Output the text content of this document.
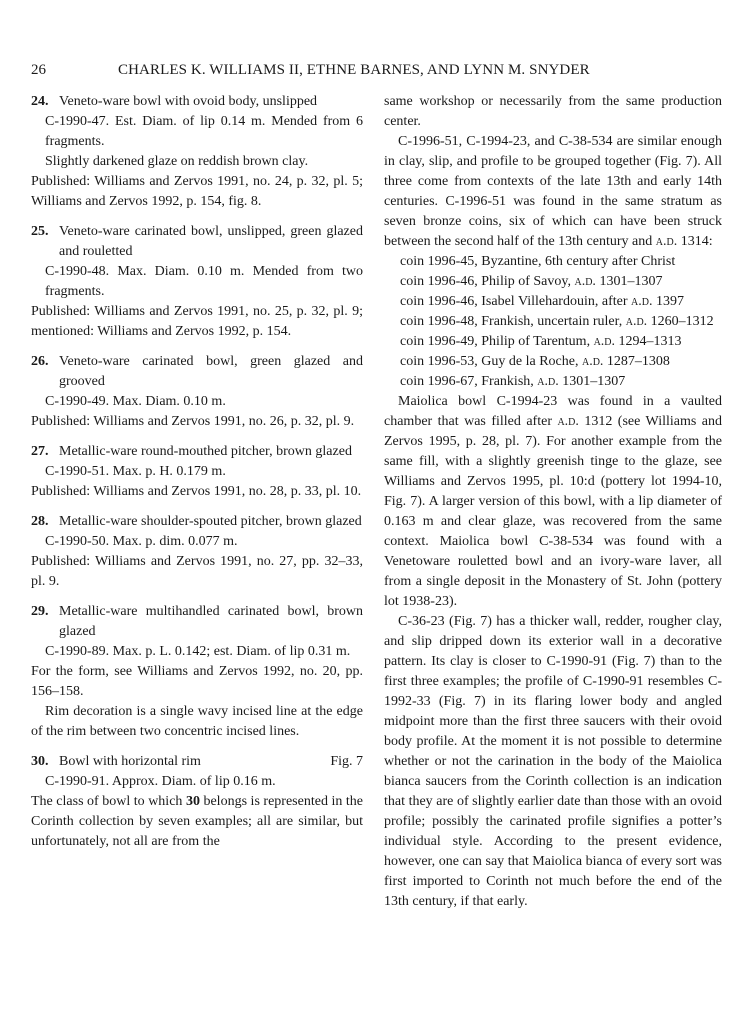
26	CHARLES K. WILLIAMS II, ETHNE BARNES, AND LYNN M. SNYDER

24. Veneto-ware bowl with ovoid body, unslipped

C-1990-47. Est. Diam. of lip 0.14 m. Mended from 6 fragments.

Slightly darkened glaze on reddish brown clay.

Published: Williams and Zervos 1991, no. 24, p. 32, pl. 5; Williams and Zervos 1992, p. 154, fig. 8.

25. Veneto-ware carinated bowl, unslipped, green glazed and rouletted

C-1990-48. Max. Diam. 0.10 m. Mended from two fragments.

Published: Williams and Zervos 1991, no. 25, p. 32, pl. 9; mentioned: Williams and Zervos 1992, p. 154.

26. Veneto-ware carinated bowl, green glazed and grooved

C-1990-49. Max. Diam. 0.10 m.

Published: Williams and Zervos 1991, no. 26, p. 32, pl. 9.

27. Metallic-ware round-mouthed pitcher, brown glazed

C-1990-51. Max. p. H. 0.179 m.

Published: Williams and Zervos 1991, no. 28, p. 33, pl. 10.

28. Metallic-ware shoulder-spouted pitcher, brown glazed

C-1990-50. Max. p. dim. 0.077 m.

Published: Williams and Zervos 1991, no. 27, pp. 32–33, pl. 9.

29. Metallic-ware multihandled carinated bowl, brown glazed

C-1990-89. Max. p. L. 0.142; est. Diam. of lip 0.31 m.

For the form, see Williams and Zervos 1992, no. 20, pp. 156–158.

Rim decoration is a single wavy incised line at the edge of the rim between two concentric incised lines.

30. Bowl with horizontal rim	Fig. 7

C-1990-91. Approx. Diam. of lip 0.16 m.

The class of bowl to which 30 belongs is represented in the Corinth collection by seven examples; all are similar, but unfortunately, not all are from the

same workshop or necessarily from the same production center.

C-1996-51, C-1994-23, and C-38-534 are similar enough in clay, slip, and profile to be grouped together (Fig. 7). All three come from contexts of the late 13th and early 14th centuries. C-1996-51 was found in the same stratum as seven bronze coins, six of which can have been struck between the second half of the 13th century and a.d. 1314:

coin 1996-45, Byzantine, 6th century after Christ

coin 1996-46, Philip of Savoy, a.d. 1301–1307

coin 1996-46, Isabel Villehardouin, after a.d. 1397

coin 1996-48, Frankish, uncertain ruler, a.d. 1260–1312

coin 1996-49, Philip of Tarentum, a.d. 1294–1313

coin 1996-53, Guy de la Roche, a.d. 1287–1308

coin 1996-67, Frankish, a.d. 1301–1307

Maiolica bowl C-1994-23 was found in a vaulted chamber that was filled after a.d. 1312 (see Williams and Zervos 1995, p. 28, pl. 7). For another example from the same fill, with a slightly greenish tinge to the glaze, see Williams and Zervos 1995, pl. 10:d (pottery lot 1994-10, Fig. 7). A larger version of this bowl, with a lip diameter of 0.163 m and clear glaze, was recovered from the same context. Maiolica bowl C-38-534 was found with a Venetoware rouletted bowl and an ivory-ware laver, all from a single deposit in the Monastery of St. John (pottery lot 1938-23).

C-36-23 (Fig. 7) has a thicker wall, redder, rougher clay, and slip dripped down its exterior wall in a decorative pattern. Its clay is closer to C-1990-91 (Fig. 7) than to the first three examples; the profile of C-1990-91 resembles C-1992-33 (Fig. 7) in its flaring lower body and angled midpoint more than the first three saucers with their ovoid body profile. At the moment it is not possible to determine whether or not the carination in the body of the Maiolica bianca saucers from the Corinth collection is an indication that they are of slightly earlier date than those with an ovoid profile; possibly the carinated profile signifies a potter’s individual style. According to the present evidence, however, one can say that Maiolica bianca of every sort was first imported to Corinth not much before the end of the 13th century, if that early.
